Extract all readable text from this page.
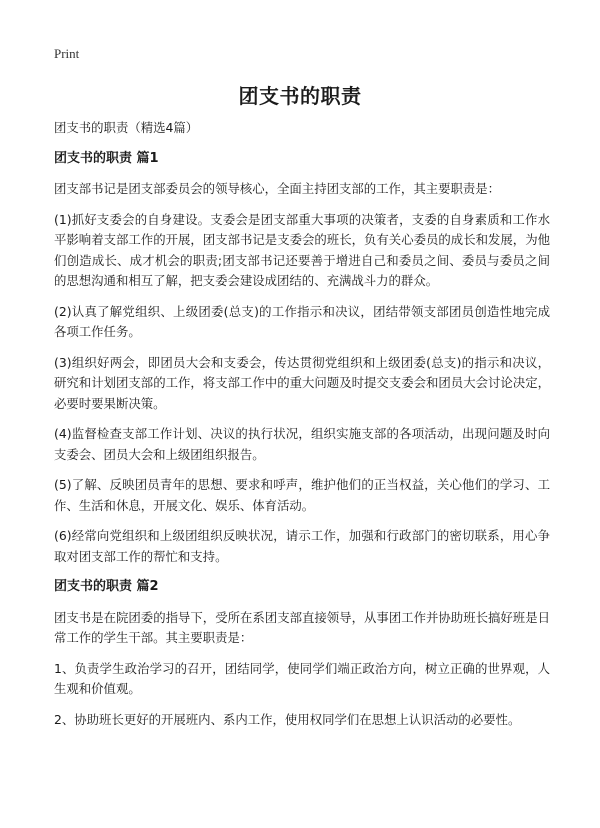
Print
团支书的职责

团支书的职责（精选4篇）

团支书的职责 篇1

团支部书记是团支部委员会的领导核心，全面主持团支部的工作，其主要职责是：

(1)抓好支委会的自身建设。支委会是团支部重大事项的决策者，支委的自身素质和工作水平影响着支部工作的开展，团支部书记是支委会的班长，负有关心委员的成长和发展，为他们创造成长、成才机会的职责;团支部书记还要善于增进自己和委员之间、委员与委员之间的思想沟通和相互了解，把支委会建设成团结的、充满战斗力的群众。

(2)认真了解党组织、上级团委(总支)的工作指示和决议，团结带领支部团员创造性地完成各项工作任务。

(3)组织好两会，即团员大会和支委会，传达贯彻党组织和上级团委(总支)的指示和决议，研究和计划团支部的工作，将支部工作中的重大问题及时提交支委会和团员大会讨论决定，必要时要果断决策。

(4)监督检查支部工作计划、决议的执行状况，组织实施支部的各项活动，出现问题及时向支委会、团员大会和上级团组织报告。

(5)了解、反映团员青年的思想、要求和呼声，维护他们的正当权益，关心他们的学习、工作、生活和休息，开展文化、娱乐、体育活动。

(6)经常向党组织和上级团组织反映状况，请示工作，加强和行政部门的密切联系，用心争取对团支部工作的帮忙和支持。

团支书的职责 篇2

团支书是在院团委的指导下，受所在系团支部直接领导，从事团工作并协助班长搞好班是日常工作的学生干部。其主要职责是：

1、负责学生政治学习的召开，团结同学，使同学们端正政治方向，树立正确的世界观，人生观和价值观。

2、协助班长更好的开展班内、系内工作，使用权同学们在思想上认识活动的必要性。
